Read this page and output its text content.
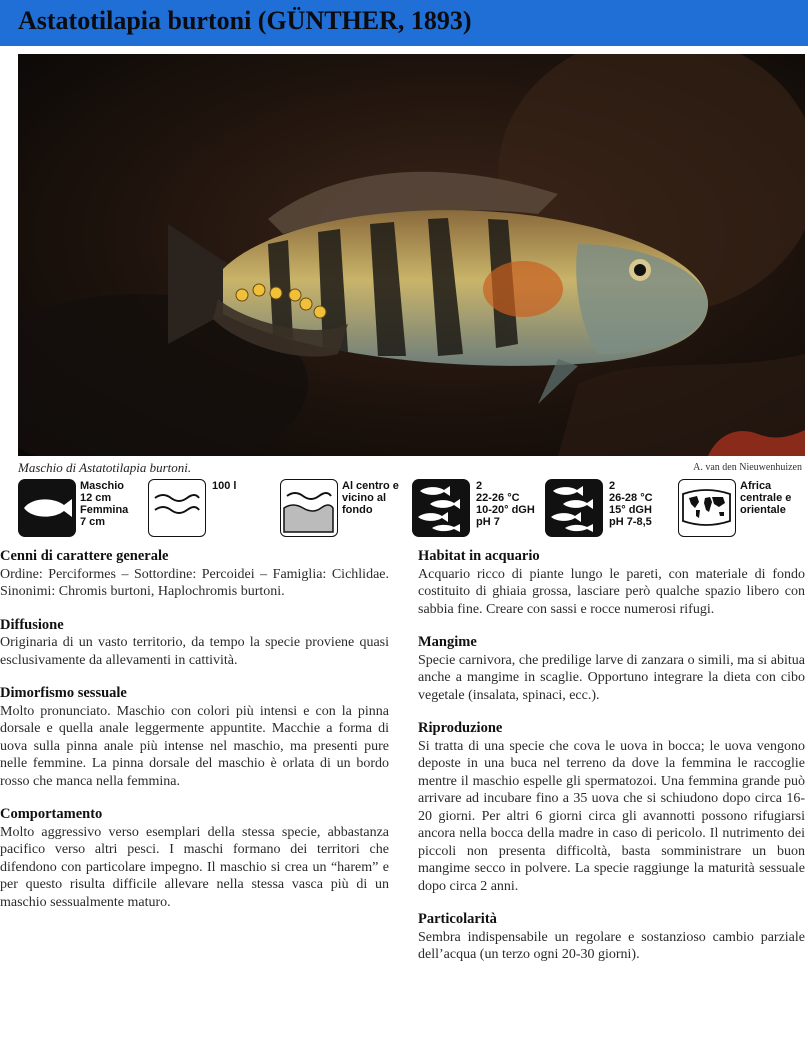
Astatotilapia burtoni (GÜNTHER, 1893)
Maschio di Astatotilapia burtoni.	A. van den Nieuwenhuizen
Maschio
12 cm
Femmina
7 cm
100 l	Al centro e
vicino al
fondo
2
22-26 °C
10-20° dGH
pH 7
2
26-28 °C
15° dGH
pH 7-8,5
Africa
centrale e
orientale
Cenni di carattere generale

Ordine: Perciformes – Sottordine: Percoidei – Famiglia: Cichlidae. Sinonimi: Chromis burtoni, Haplochromis burtoni.

Diffusione

Originaria di un vasto territorio, da tempo la specie proviene quasi esclusivamente da allevamenti in cattività.

Dimorfismo sessuale

Molto pronunciato. Maschio con colori più intensi e con la pinna dorsale e quella anale leggermente appuntite. Macchie a forma di uova sulla pinna anale più intense nel maschio, ma presenti pure nelle femmine. La pinna dorsale del maschio è orlata di un bordo rosso che manca nella femmina.

Comportamento

Molto aggressivo verso esemplari della stessa specie, abbastanza pacifico verso altri pesci. I maschi formano dei territori che difendono con particolare impegno. Il maschio si crea un “harem” e per questo risulta difficile allevare nella stessa vasca più di un maschio sessualmente maturo.

Habitat in acquario

Acquario ricco di piante lungo le pareti, con materiale di fondo costituito di ghiaia grossa, lasciare però qualche spazio libero con sabbia fine. Creare con sassi e rocce numerosi rifugi.

Mangime

Specie carnivora, che predilige larve di zanzara o simili, ma si abitua anche a mangime in scaglie. Opportuno integrare la dieta con cibo vegetale (insalata, spinaci, ecc.).

Riproduzione

Si tratta di una specie che cova le uova in bocca; le uova vengono deposte in una buca nel terreno da dove la femmina le raccoglie mentre il maschio espelle gli spermatozoi. Una femmina grande può arrivare ad incubare fino a 35 uova che si schiudono dopo circa 16-20 giorni. Per altri 6 giorni circa gli avannotti possono rifugiarsi ancora nella bocca della madre in caso di pericolo. Il nutrimento dei piccoli non presenta difficoltà, basta somministrare un buon mangime secco in polvere. La specie raggiunge la maturità sessuale dopo circa 2 anni.

Particolarità

Sembra indispensabile un regolare e sostanzioso cambio parziale dell’acqua (un terzo ogni 20-30 giorni).
